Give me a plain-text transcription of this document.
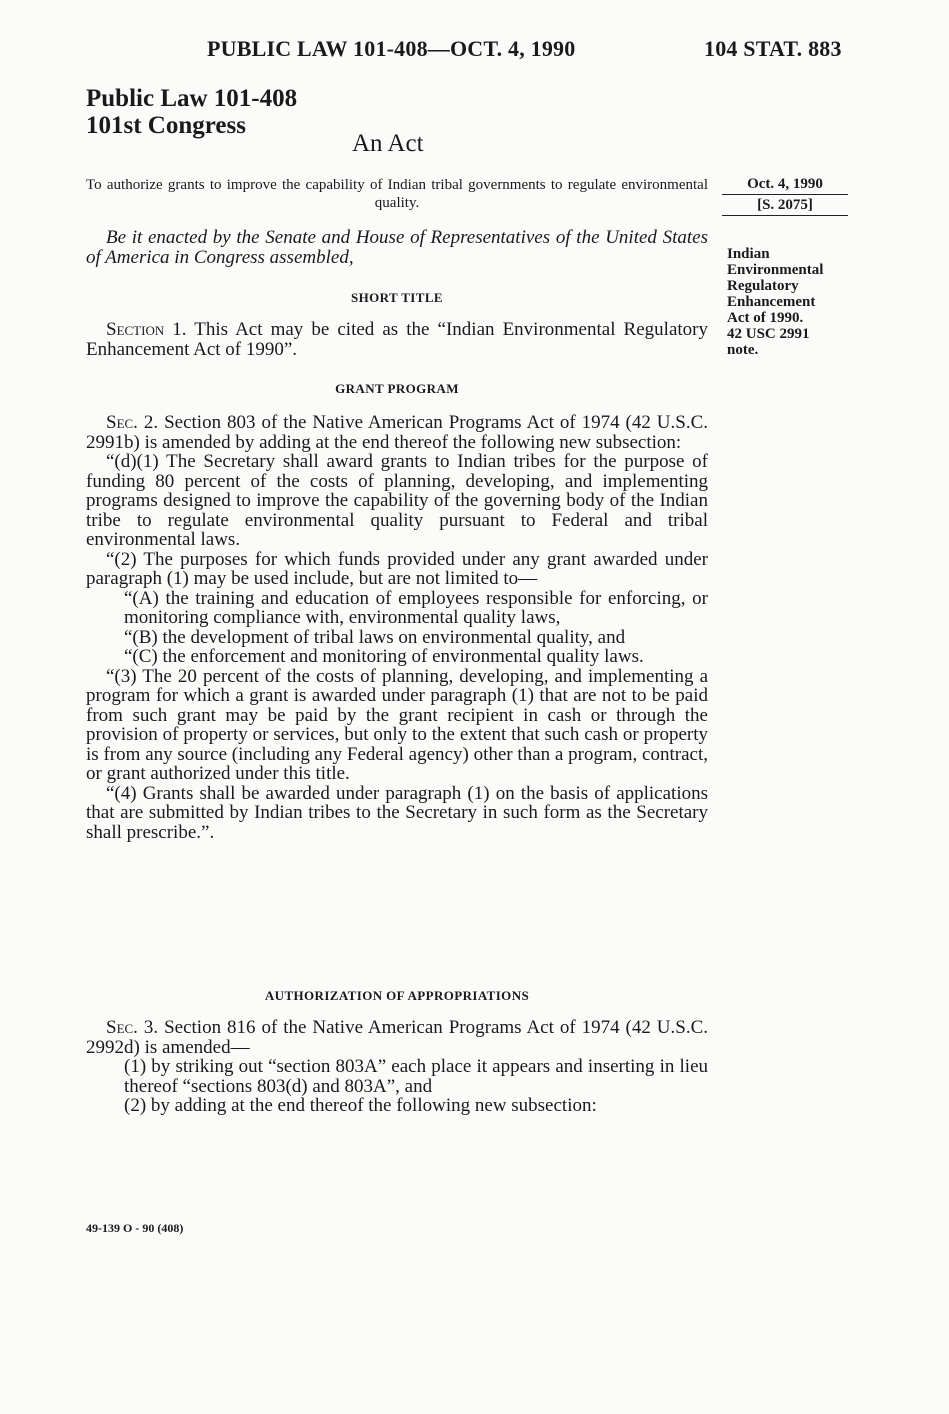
PUBLIC LAW 101-408—OCT. 4, 1990	104 STAT. 883
Public Law 101-408
101st Congress
An Act
To authorize grants to improve the capability of Indian tribal governments to regulate environmental quality.
Oct. 4, 1990
[S. 2075]
Indian
Environmental
Regulatory
Enhancement
Act of 1990.
42 USC 2991
note.

Be it enacted by the Senate and House of Representatives of the United States of America in Congress assembled,

SHORT TITLE

Section 1. This Act may be cited as the “Indian Environmental Regulatory Enhancement Act of 1990”.

GRANT PROGRAM

Sec. 2. Section 803 of the Native American Programs Act of 1974 (42 U.S.C. 2991b) is amended by adding at the end thereof the following new subsection:

“(d)(1) The Secretary shall award grants to Indian tribes for the purpose of funding 80 percent of the costs of planning, developing, and implementing programs designed to improve the capability of the governing body of the Indian tribe to regulate environmental quality pursuant to Federal and tribal environmental laws.

“(2) The purposes for which funds provided under any grant awarded under paragraph (1) may be used include, but are not limited to—

“(A) the training and education of employees responsible for enforcing, or monitoring compliance with, environmental quality laws,

“(B) the development of tribal laws on environmental quality, and

“(C) the enforcement and monitoring of environmental quality laws.

“(3) The 20 percent of the costs of planning, developing, and implementing a program for which a grant is awarded under paragraph (1) that are not to be paid from such grant may be paid by the grant recipient in cash or through the provision of property or services, but only to the extent that such cash or property is from any source (including any Federal agency) other than a program, contract, or grant authorized under this title.

“(4) Grants shall be awarded under paragraph (1) on the basis of applications that are submitted by Indian tribes to the Secretary in such form as the Secretary shall prescribe.”.

AUTHORIZATION OF APPROPRIATIONS

Sec. 3. Section 816 of the Native American Programs Act of 1974 (42 U.S.C. 2992d) is amended—

(1) by striking out “section 803A” each place it appears and inserting in lieu thereof “sections 803(d) and 803A”, and

(2) by adding at the end thereof the following new subsection:

49-139 O - 90 (408)
